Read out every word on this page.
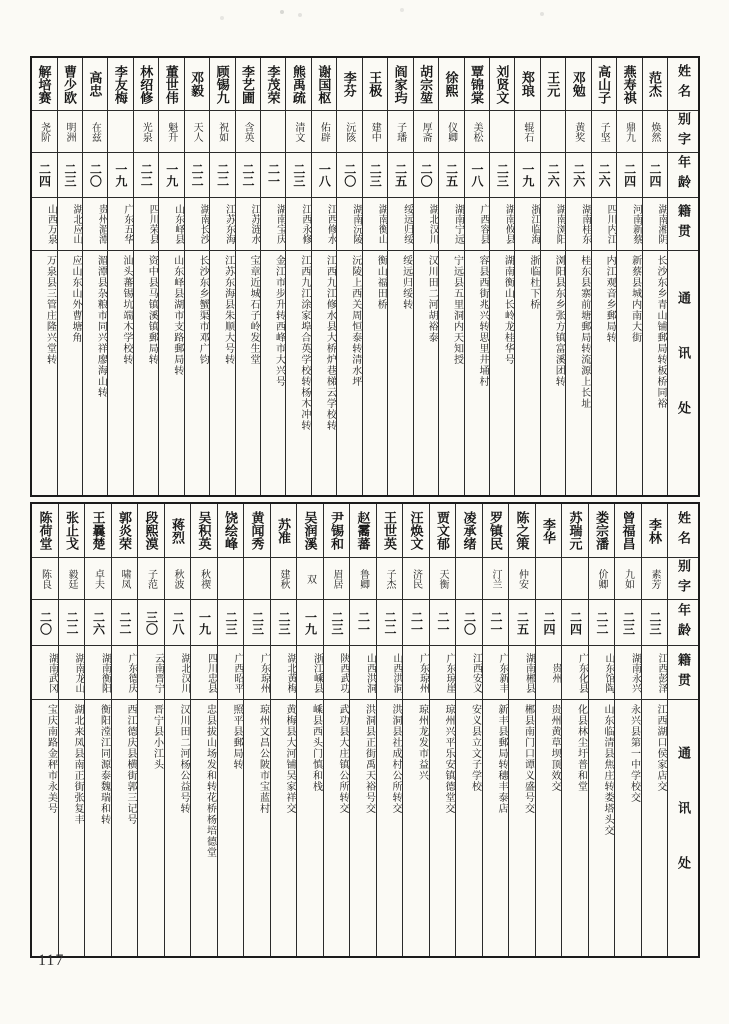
姓名
别字
年龄
籍贯
通讯处
范杰
焕然
二四
湖南湘阴
长沙东乡青山铺郵局转板桥同裕
燕寿祺
鼎九
二四
河南新蔡
新蔡县城内南大街
高山子
子坚
二六
四川内江
内江观音乡郵局转
邓勉
黄奖
二六
湖南桂东
桂东县寨前塘郵局转流源上长址
王元
二六
湖南浏阳
浏阳县东乡张方镇富溪团转
郑琅
辊石
一九
浙江临海
浙临杜下桥
刘贤文
二三
湖南攸县
湖南衡山长岭龙桂华号
覃锦棠
美松
一八
广西容县
容县西街兆兴转思里井埇村
徐熙
仪卿
二五
湖南宁远
宁远县五里洞内天知授
胡宗堃
厚斋
二〇
湖北汉川
汉川田二河胡裕泰
阎家玙
子璠
二五
绥远归绥
绥远归绥转
王极
建中
二三
湖南衡山
衡山福田桥
李芬
沅陔
二〇
湖南沅陵
沅陵上西关周恒泰转清水坪
谢国枢
佑辟
一八
江西修水
江西九江修水县大桥炉巷梯云学校转
熊禹疏
清文
二三
江西永修
江西九江涂家埠合英学校转杨木冲转
李茂荣
二一
湖南宝庆
金江市步升转西峰市大兴号
李艺圃
含英
二二
江苏涟水
宝章近城石子岭发生堂
顾锡九
祝如
二二
江苏东海
江苏东海县朱顺大号转
邓毅
天人
二二
湖南长沙
长沙东乡蟹渠市邓广钧
董世伟
魁升
一九
山东峄县
山东峄县湖市支路郵局转
林绍修
光泉
二二
四川荣县
资中县马镇溪镇郵局转
李友梅
一九
广东五华
汕头蕃锡坑端木学校转
高忠
在兹
二〇
贵州湄潭
湄潭县杂粮市同兴祥廖海山转
曹少欧
明洲
二三
湖北应山
应山东山外曹塘角
解培赛
尧阶
二四
山西万泉
万泉县三管庄隆兴堂转
姓名
别字
年龄
籍贯
通讯处
李林
素芳
二三
江西彭泽
江西湖口侯家店交
曾福昌
九如
二三
湖南永兴
永兴县第一中学校交
娄宗潘
价卿
二二
山东馆陶
山东临清县焦庄转娄塔头交
苏瑞元
二四
广东化县
化县林尘圩普和堂
李华
二四
贵州
贵州黄草坝顶效交
陈之策
仲安
二五
湖南郴县
郴县南门口谭义盛号交
罗镇民
汀兰
二一
广东新丰
新丰县郵局转穗丰泰店
凌承绪
二〇
江西安义
安义县立文子学校
贾文郁
天衡
二一
广东琼崖
琼州兴平乐安镇德堂交
汪焕文
济民
二一
广东琼州
琼州龙发市益兴
王世英
子杰
二二
山西洪洞
洪洞县社成村公所转交
赵霱蕃
鲁卿
二一
山西洪洞
洪洞县正街禹天裕号交
尹锡和
眉居
二三
陕西武功
武功县大庄镇公所转交
吴润溪
双
一九
浙江嵊县
嵊县西头门慎和栈
苏准
建秋
二三
湖北黄梅
黄梅县大河铺吴家祥交
黄闻秀
二三
广东琼州
琼州文昌公陂市宝蓝村
饶绘峰
二三
广西昭平
照平县郵局转
吴积英
秋禊
一九
四川忠县
忠县拔山场发和转花桥杨培德堂
蒋烈
秋波
二八
湖北汉川
汉川田二河杨公益号转
段熙漠
子范
三〇
云南晋宁
晋宁县小江头
郭炎荣
啸凤
二二
广东德庆
西江德庆县横街郭三记号
王曩楚
卓夫
二六
湖南衡阳
衡阳漟江同源泰魏瑞和转
张止戈
毅廷
二二
湖南龙山
湖北来凤县南正街张复丰
陈荷堂
陈良
二〇
湖南武冈
宝庆南路金秤市永美号
117
